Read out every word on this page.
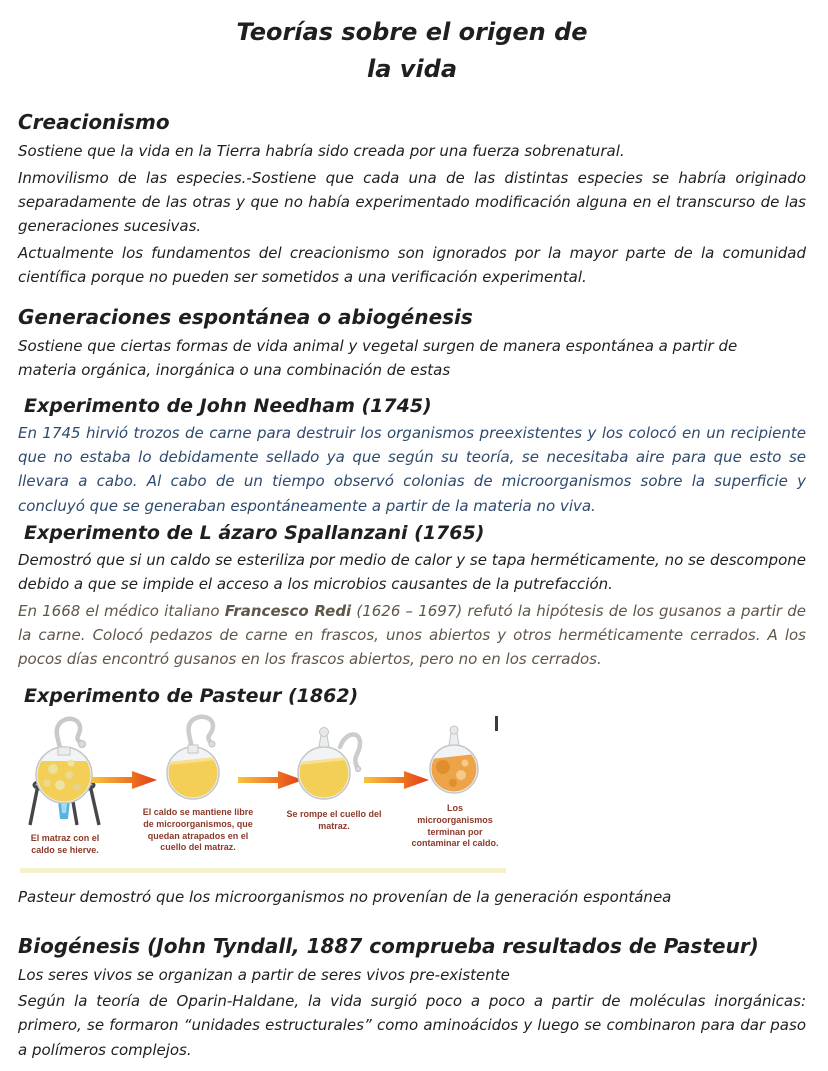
Teorías sobre el origen de
la vida
Creacionismo

Sostiene que la vida en la Tierra habría sido creada por una fuerza sobrenatural.

Inmovilismo de las especies.-Sostiene que cada una de las distintas especies se habría originado separadamente de las otras y que no había experimentado modificación alguna en el transcurso de las generaciones sucesivas.

Actualmente los fundamentos del creacionismo son ignorados por la mayor parte de la comunidad científica porque no pueden ser sometidos a una verificación experimental.

Generaciones espontánea o abiogénesis

Sostiene que ciertas formas de vida animal y vegetal surgen de manera espontánea a partir de materia orgánica, inorgánica o una combinación de estas

Experimento de John Needham (1745)

En 1745 hirvió trozos de carne para destruir los organismos preexistentes y los colocó en un recipiente que no estaba lo debidamente sellado ya que según su teoría, se necesitaba aire para que esto se llevara a cabo. Al cabo de un tiempo observó colonias de microorganismos sobre la superficie y concluyó que se generaban espontáneamente a partir de la materia no viva.

Experimento de L ázaro Spallanzani (1765)

Demostró que si un caldo se esteriliza por medio de calor y se tapa herméticamente, no se descompone debido a que se impide el acceso a los microbios causantes de la putrefacción.

En 1668 el médico italiano Francesco Redi (1626 – 1697) refutó la hipótesis de los gusanos a partir de la carne. Colocó pedazos de carne en frascos, unos abiertos y otros herméticamente cerrados. A los pocos días encontró gusanos en los frascos abiertos, pero no en los cerrados.

Experimento de Pasteur (1862)
El matraz con el caldo se hierve.
El caldo se mantiene libre de microorganismos, que quedan atrapados en el cuello del matraz.
Se rompe el cuello del matraz.
Los microorganismos terminan por contaminar el caldo.

Pasteur demostró que los microorganismos no provenían de la generación espontánea

Biogénesis (John Tyndall, 1887 comprueba resultados de Pasteur)

Los seres vivos se organizan a partir de seres vivos pre-existente

Según la teoría de Oparin-Haldane, la vida surgió poco a poco a partir de moléculas inorgánicas: primero, se formaron “unidades estructurales” como aminoácidos y luego se combinaron para dar paso a polímeros complejos.
